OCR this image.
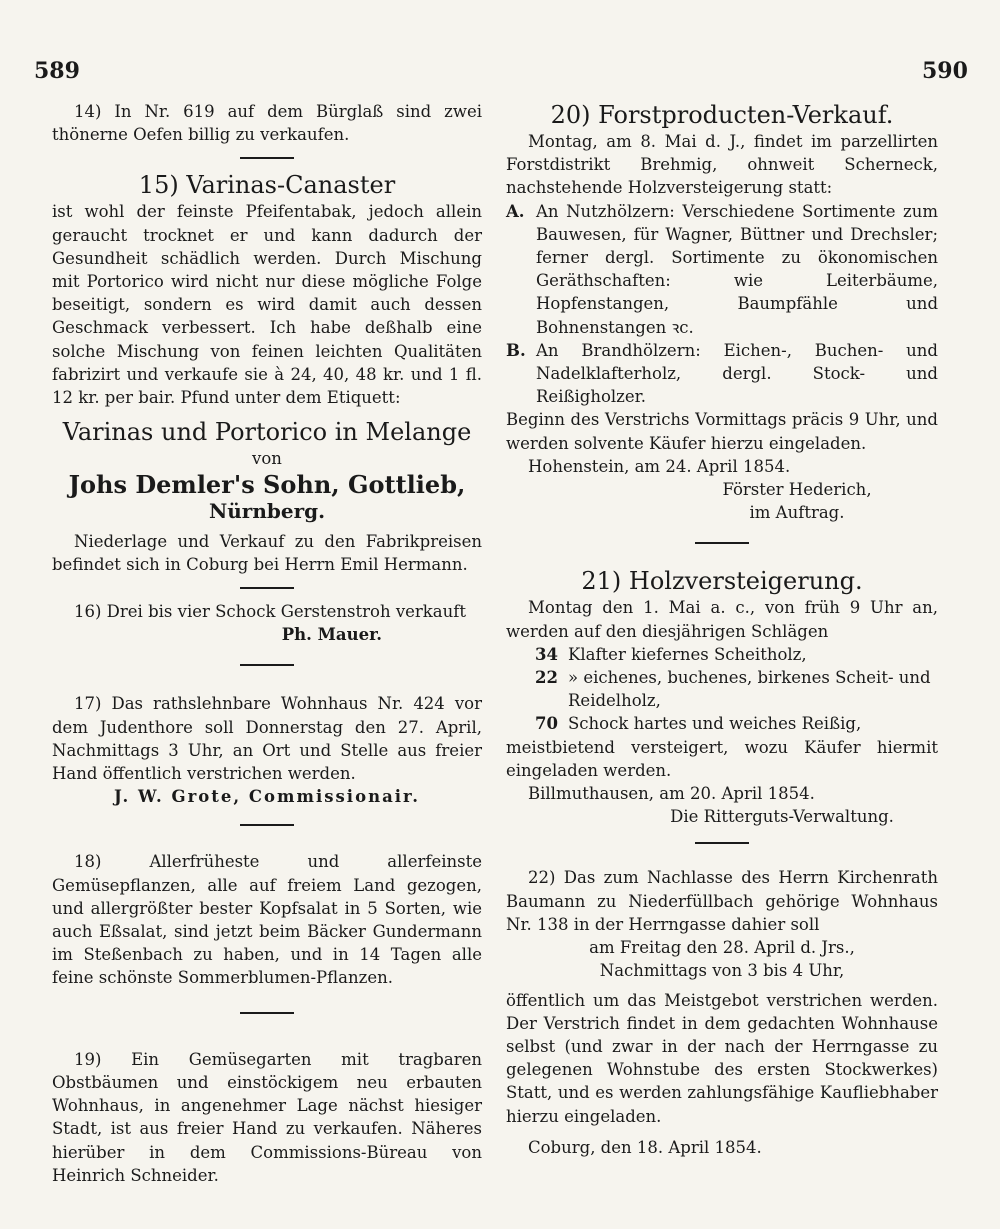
589	590

14) In Nr. 619 auf dem Bürglaß sind zwei thönerne Oefen billig zu verkaufen.

15) Varinas-Canaster

ist wohl der feinste Pfeifentabak, jedoch allein geraucht trocknet er und kann dadurch der Gesundheit schädlich werden. Durch Mischung mit Portorico wird nicht nur diese mögliche Folge beseitigt, sondern es wird damit auch dessen Geschmack verbessert. Ich habe deßhalb eine solche Mischung von feinen leichten Qualitäten fabrizirt und verkaufe sie à 24, 40, 48 kr. und 1 fl. 12 kr. per bair. Pfund unter dem Etiquett:

Varinas und Portorico in Melange

von

Johs Demler's Sohn, Gottlieb,

Nürnberg.

Niederlage und Verkauf zu den Fabrikpreisen befindet sich in Coburg bei Herrn Emil Hermann.

16) Drei bis vier Schock Gerstenstroh verkauft

Ph. Mauer.

17) Das rathslehnbare Wohnhaus Nr. 424 vor dem Judenthore soll Donnerstag den 27. April, Nachmittags 3 Uhr, an Ort und Stelle aus freier Hand öffentlich verstrichen werden.

J. W. Grote, Commissionair.

18) Allerfrüheste und allerfeinste Gemüsepflanzen, alle auf freiem Land gezogen, und allergrößter bester Kopfsalat in 5 Sorten, wie auch Eßsalat, sind jetzt beim Bäcker Gundermann im Steßenbach zu haben, und in 14 Tagen alle feine schönste Sommerblumen-Pflanzen.

19) Ein Gemüsegarten mit tragbaren Obstbäumen und einstöckigem neu erbauten Wohnhaus, in angenehmer Lage nächst hiesiger Stadt, ist aus freier Hand zu verkaufen. Näheres hierüber in dem Commissions-Büreau von Heinrich Schneider.

20) Forstproducten-Verkauf.

Montag, am 8. Mai d. J., findet im parzellirten Forstdistrikt Brehmig, ohnweit Scherneck, nachstehende Holzversteigerung statt:

A. An Nutzhölzern: Verschiedene Sortimente zum Bauwesen, für Wagner, Büttner und Drechsler; ferner dergl. Sortimente zu ökonomischen Geräthschaften: wie Leiterbäume, Hopfenstangen, Baumpfähle und Bohnenstangen ꝛc.
B. An Brandhölzern: Eichen-, Buchen- und Nadelklafterholz, dergl. Stock- und Reißigholzer.

Beginn des Verstrichs Vormittags präcis 9 Uhr, und werden solvente Käufer hierzu eingeladen.

Hohenstein, am 24. April 1854.

Förster Hederich,

im Auftrag.

21) Holzversteigerung.

Montag den 1. Mai a. c., von früh 9 Uhr an, werden auf den diesjährigen Schlägen

34 Klafter kiefernes Scheitholz,
22 » eichenes, buchenes, birkenes Scheit- und Reidelholz,
70 Schock hartes und weiches Reißig,

meistbietend versteigert, wozu Käufer hiermit eingeladen werden.

Billmuthausen, am 20. April 1854.

Die Ritterguts-Verwaltung.

22) Das zum Nachlasse des Herrn Kirchenrath Baumann zu Niederfüllbach gehörige Wohnhaus Nr. 138 in der Herrngasse dahier soll

am Freitag den 28. April d. Jrs.,

Nachmittags von 3 bis 4 Uhr,

öffentlich um das Meistgebot verstrichen werden. Der Verstrich findet in dem gedachten Wohnhause selbst (und zwar in der nach der Herrngasse zu gelegenen Wohnstube des ersten Stockwerkes) Statt, und es werden zahlungsfähige Kaufliebhaber hierzu eingeladen.

Coburg, den 18. April 1854.
